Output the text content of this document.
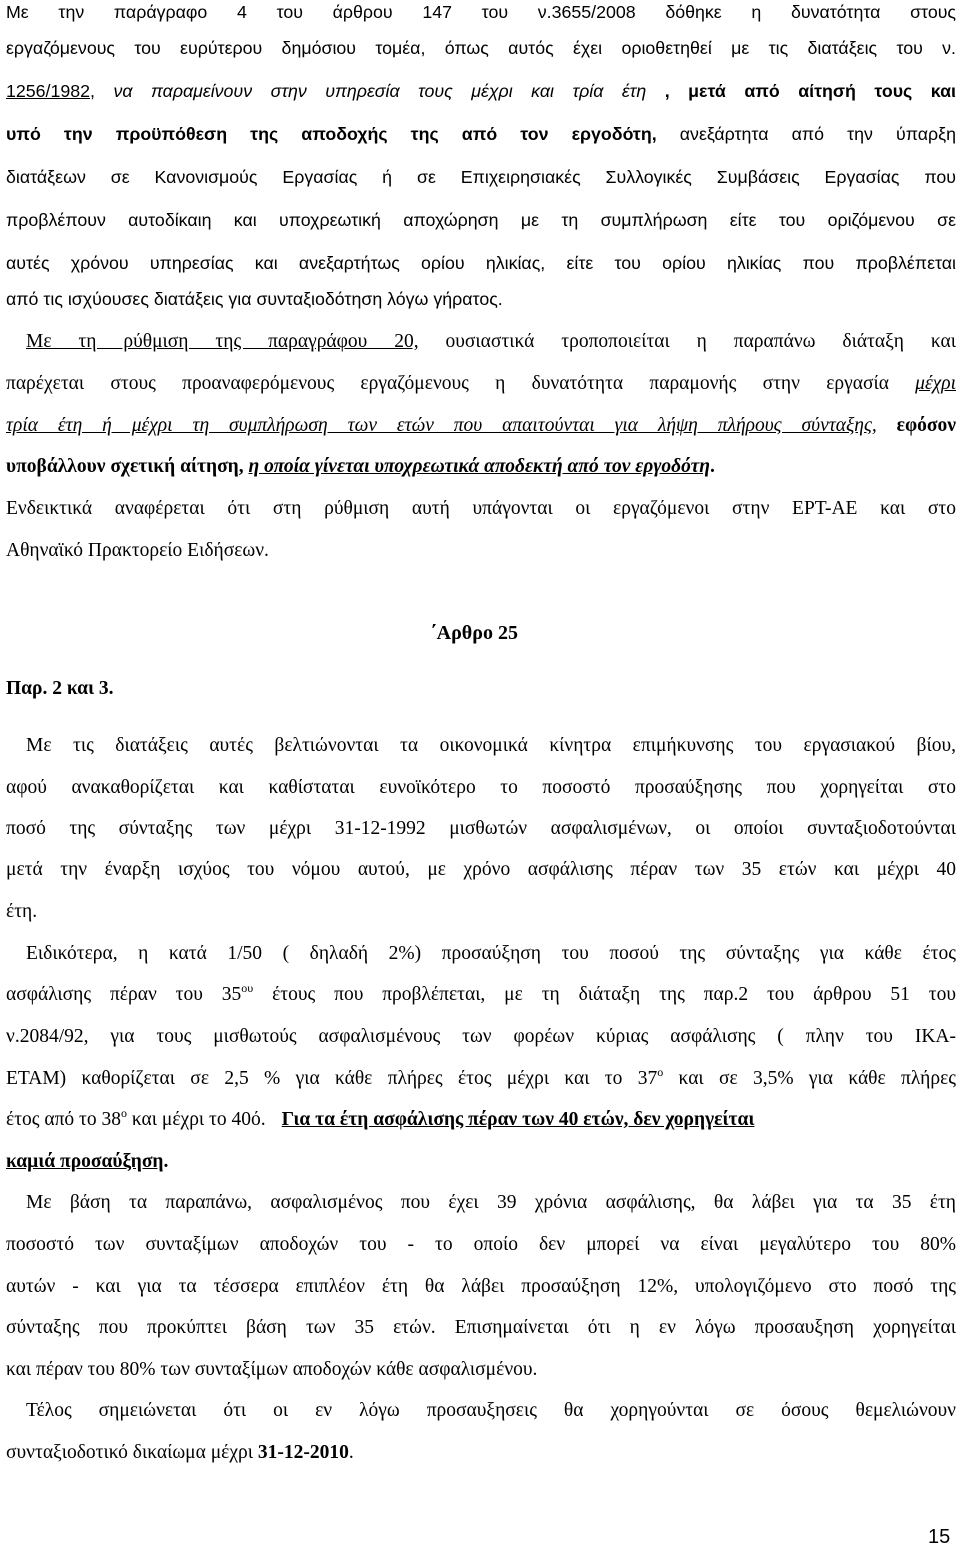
Με την παράγραφο 4 του άρθρου 147 του ν.3655/2008 δόθηκε η δυνατότητα στους
εργαζόμενους του ευρύτερου δημόσιου τομέα, όπως αυτός έχει οριοθετηθεί με τις διατάξεις του ν.
1256/1982, να παραμείνουν στην υπηρεσία τους μέχρι και τρία έτη , μετά από αίτησή τους και
υπό την προϋπόθεση της αποδοχής της από τον εργοδότη, ανεξάρτητα από την ύπαρξη
διατάξεων σε Κανονισμούς Εργασίας ή σε Επιχειρησιακές Συλλογικές Συμβάσεις Εργασίας που
προβλέπουν αυτοδίκαιη και υποχρεωτική αποχώρηση με τη συμπλήρωση είτε του οριζόμενου σε
αυτές χρόνου υπηρεσίας και ανεξαρτήτως ορίου ηλικίας, είτε του ορίου ηλικίας που προβλέπεται
από τις ισχύουσες διατάξεις για συνταξιοδότηση λόγω γήρατος.
Με τη ρύθμιση της παραγράφου 20, ουσιαστικά τροποποιείται η παραπάνω διάταξη και
παρέχεται στους προαναφερόμενους εργαζόμενους η δυνατότητα παραμονής στην εργασία μέχρι
τρία έτη ή μέχρι τη συμπλήρωση των ετών που απαιτούνται για λήψη πλήρους σύνταξης, εφόσον
υποβάλλουν σχετική αίτηση, η οποία γίνεται υποχρεωτικά αποδεκτή από τον εργοδότη.
Ενδεικτικά αναφέρεται ότι στη ρύθμιση αυτή υπάγονται οι εργαζόμενοι στην ΕΡΤ-ΑΕ και στο
Αθηναϊκό Πρακτορείο Ειδήσεων.
΄Αρθρο 25
Παρ. 2 και 3.
Με τις διατάξεις αυτές βελτιώνονται τα οικονομικά κίνητρα επιμήκυνσης του εργασιακού βίου,
αφού ανακαθορίζεται και καθίσταται ευνοϊκότερο το ποσοστό προσαύξησης που χορηγείται στο
ποσό της σύνταξης των μέχρι 31-12-1992 μισθωτών ασφαλισμένων, οι οποίοι συνταξιοδοτούνται
μετά την έναρξη ισχύος του νόμου αυτού, με χρόνο ασφάλισης πέραν των 35 ετών και μέχρι 40
έτη.
Ειδικότερα, η κατά 1/50 ( δηλαδή 2%) προσαύξηση του ποσού της σύνταξης για κάθε έτος
ασφάλισης πέραν του $35^{o\upsilon}$ έτους που προβλέπεται, με τη διάταξη της παρ.2 του άρθρου 51 του
ν.2084/92, για τους μισθωτούς ασφαλισμένους των φορέων κύριας ασφάλισης ( πλην του ΙΚΑ-
ΕΤΑΜ) καθορίζεται σε 2,5 % για κάθε πλήρες έτος μέχρι και το $37^o$ και σε 3,5% για κάθε πλήρες
έτος από το $38^o$ και μέχρι το 40ό. Για τα έτη ασφάλισης πέραν των 40 ετών, δεν χορηγείται
καμιά προσαύξηση.
Με βάση τα παραπάνω, ασφαλισμένος που έχει 39 χρόνια ασφάλισης, θα λάβει για τα 35 έτη
ποσοστό των συνταξίμων αποδοχών του - το οποίο δεν μπορεί να είναι μεγαλύτερο του 80%
αυτών - και για τα τέσσερα επιπλέον έτη θα λάβει προσαύξηση 12%, υπολογιζόμενο στο ποσό της
σύνταξης που προκύπτει βάση των 35 ετών. Επισημαίνεται ότι η εν λόγω προσαυξηση χορηγείται
και πέραν του 80% των συνταξίμων αποδοχών κάθε ασφαλισμένου.
Τέλος σημειώνεται ότι οι εν λόγω προσαυξησεις θα χορηγούνται σε όσους θεμελιώνουν
συνταξιοδοτικό δικαίωμα μέχρι 31-12-2010.
15
